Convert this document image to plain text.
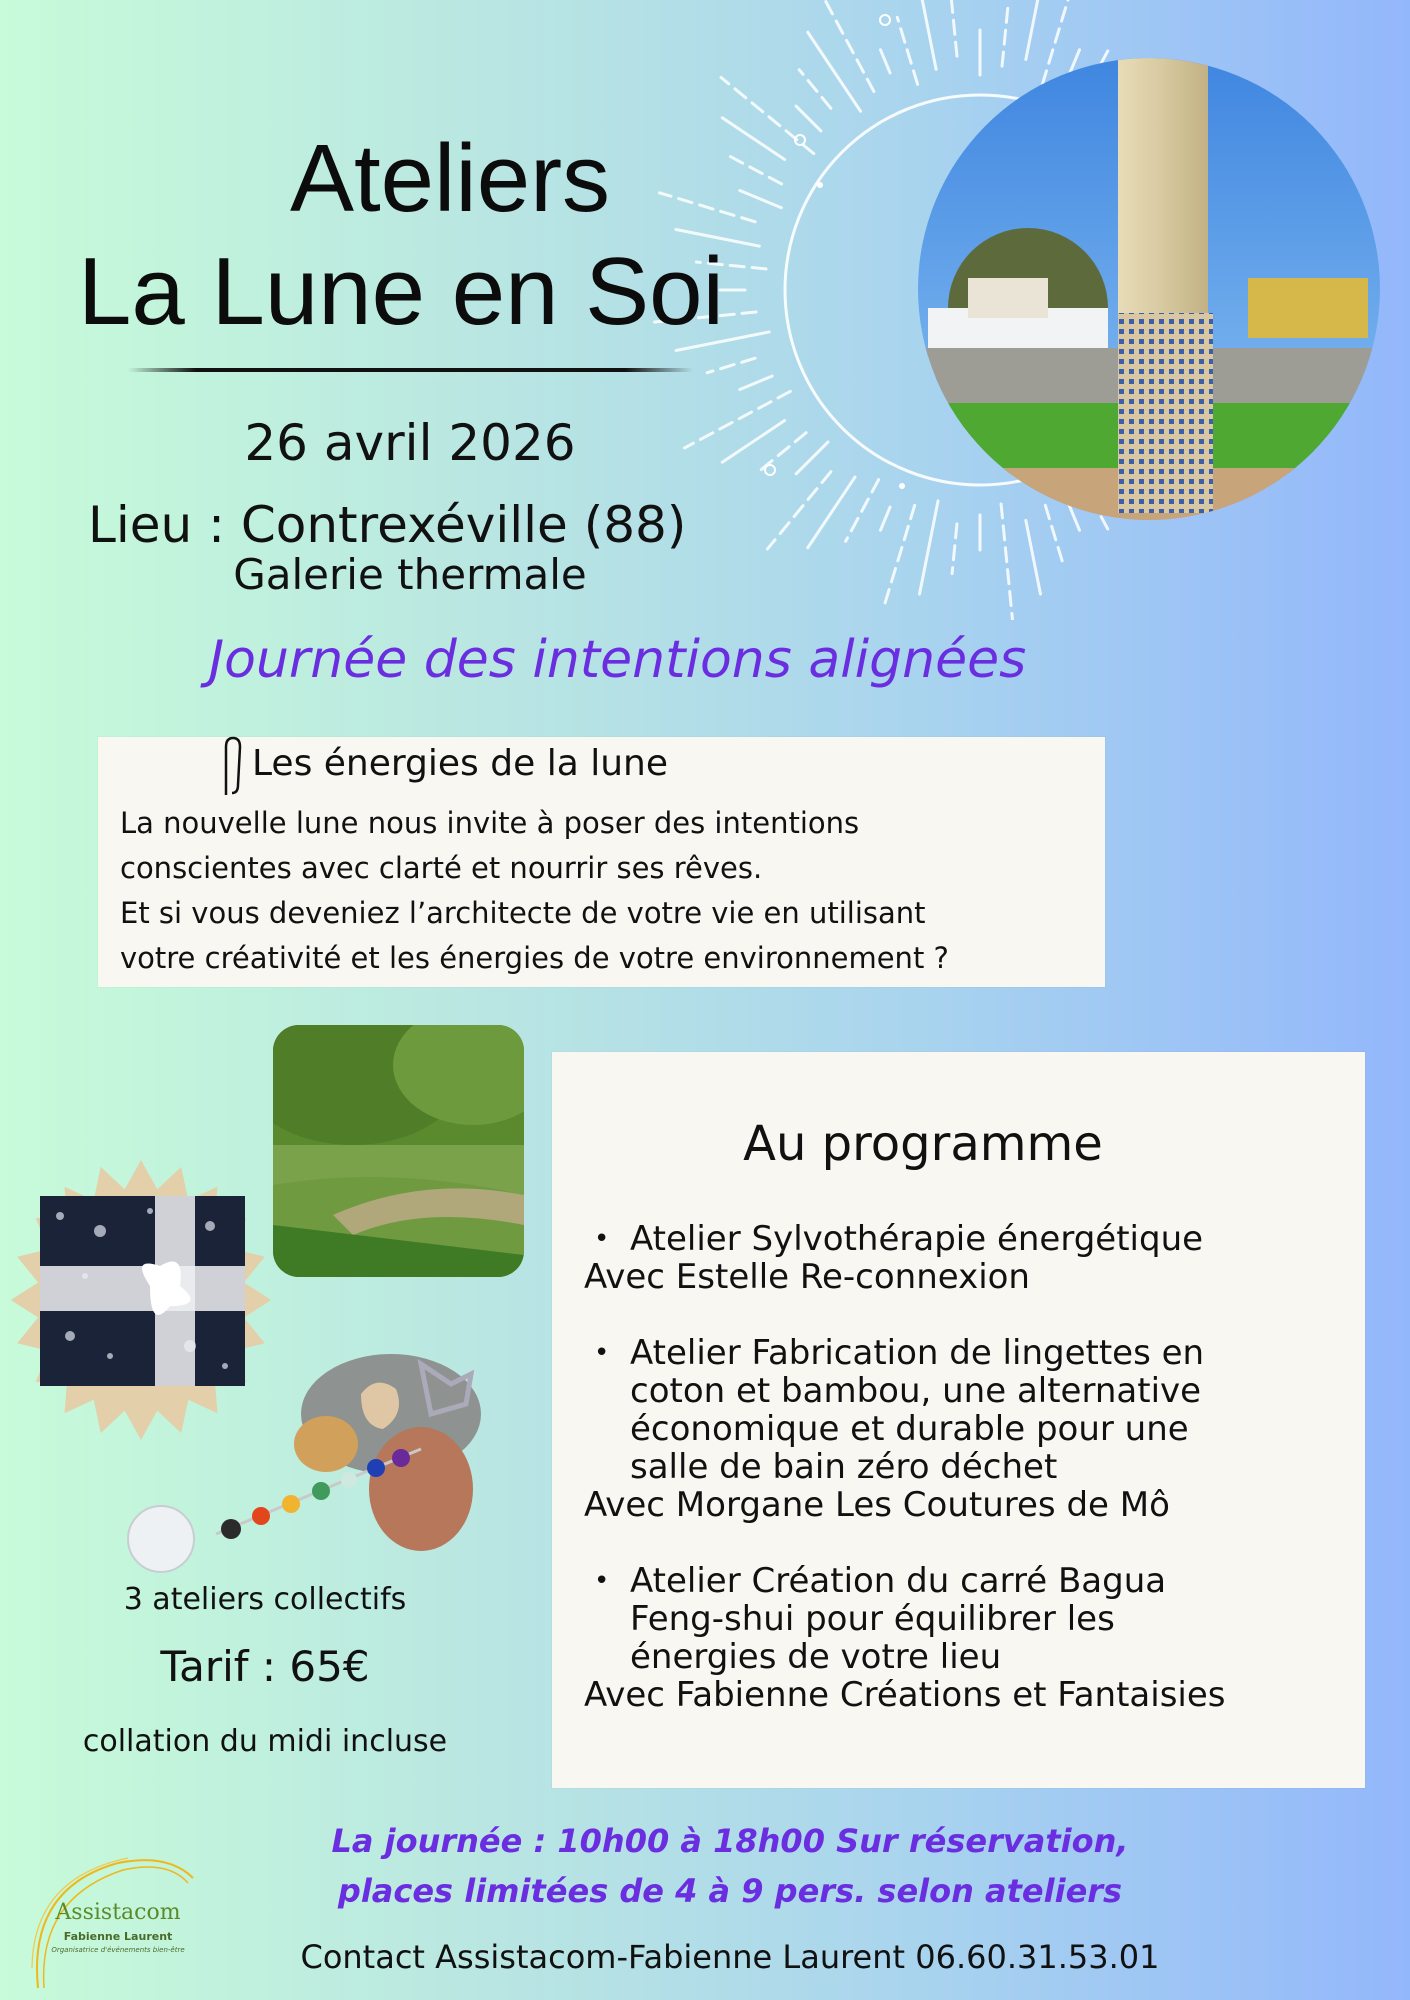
Ateliers
La Lune en Soi
26 avril 2026
Lieu : Contrexéville (88)
Galerie thermale
Journée des intentions alignées
Les énergies de la lune
La nouvelle lune nous invite à poser des intentions
conscientes avec clarté et nourrir ses rêves.
Et si vous deveniez l’architecte de votre vie en utilisant
votre créativité et les énergies de votre environnement ?
3 ateliers collectifs
Tarif : 65€
collation du midi incluse
Au programme
• Atelier Sylvothérapie énergétique
Avec Estelle Re-connexion
• Atelier Fabrication de lingettes en
coton et bambou, une alternative
économique et durable pour une
salle de bain zéro déchet
Avec Morgane Les Coutures de Mô
• Atelier Création du carré Bagua
Feng-shui pour équilibrer les
énergies de votre lieu
Avec Fabienne Créations et Fantaisies
La journée : 10h00 à 18h00 Sur réservation,
places limitées de 4 à 9 pers. selon ateliers
Contact Assistacom-Fabienne Laurent 06.60.31.53.01
Assistacom
Fabienne Laurent
Organisatrice d'événements bien-être
